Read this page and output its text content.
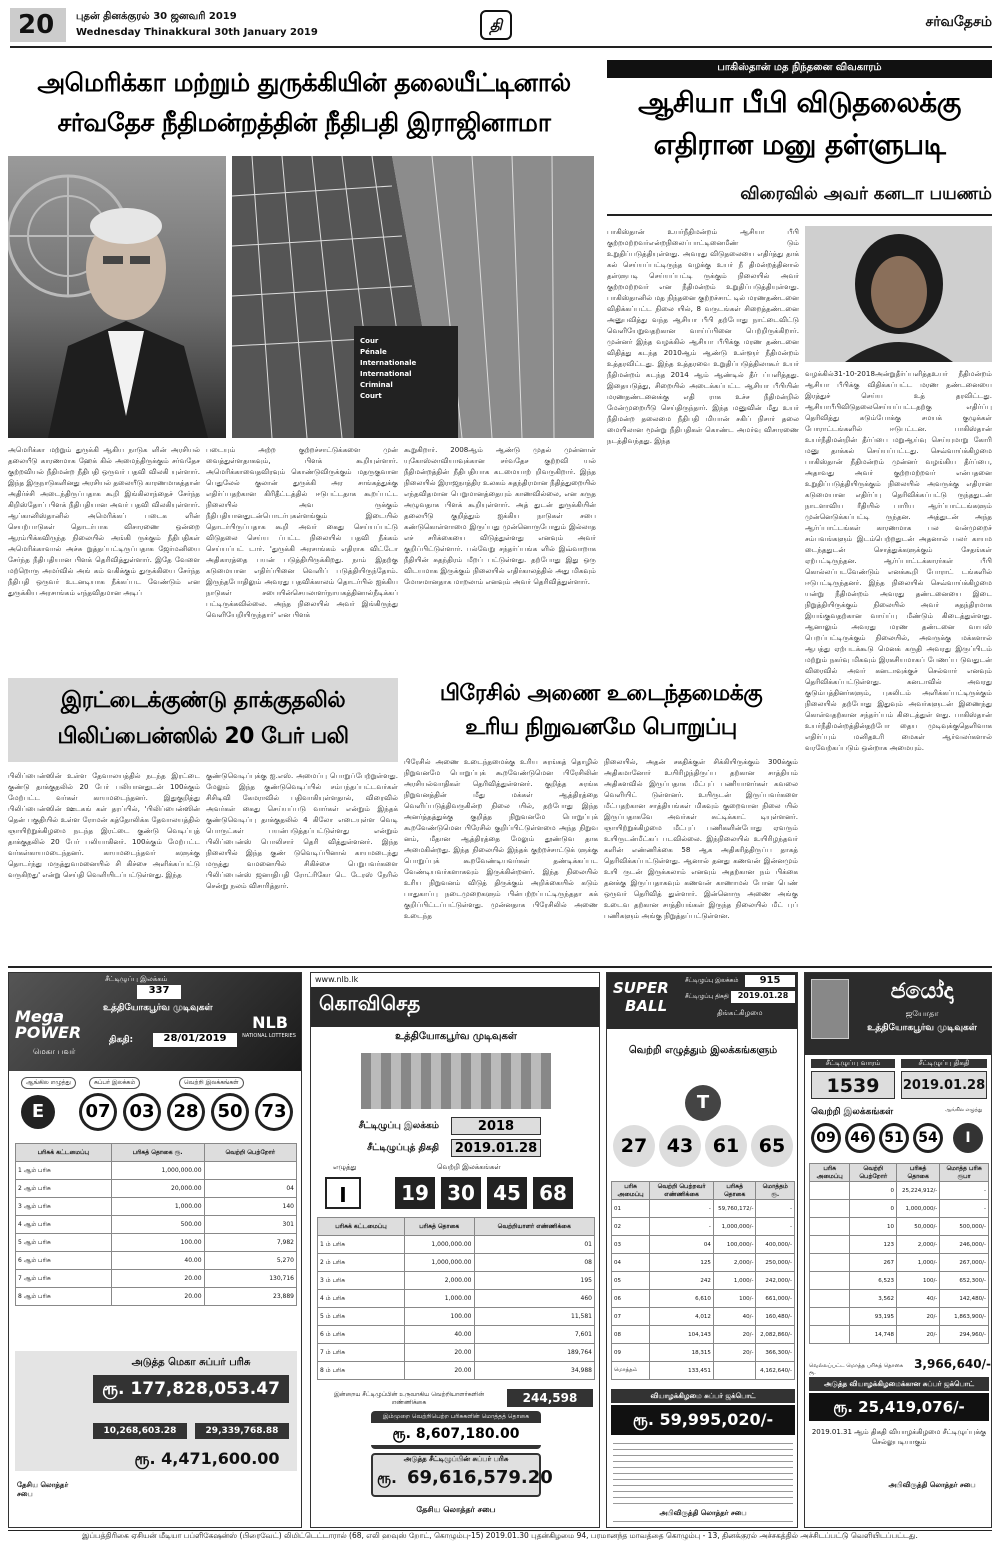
20 புதன் தினக்குரல் 30 ஜனவரி 2019
Wednesday Thinakkural 30th January 2019	தி	சர்வதேசம்
அமெரிக்கா மற்றும் துருக்கியின் தலையீட்டினால்
சர்வதேச நீதிமன்றத்தின் நீதிபதி இராஜினாமா
Cour
Pénale
Internationale
International
Criminal
Court
அமெரிக்கா மற்றும் துருக்கி ஆகிய நாடுக ளின் அரசியல் தலையீடு காரணமாக ஹேக் கில் அமைந்திருக்கும் சர்வதேச குற்றவியல் நீதிமன்ற நீதிபதி ஒருவர் பதவி விலகி யுள்ளார். இந்த இருநாடுகளினது அரசியல் தலையீடு காரணமாகத்தான் அதிர்ச்சி அடைந்திருப்பதாக கூறி இங்கிலாந்தைச் சேர்ந்த கிறிஸ்தோப் பிளக் நீதிபதியான அவர் பதவி விலகியுள்ளார். ஆப்கானிஸ்தானில் அமெரிக்கப் படைக ளின் செயற்பாடுகள் தொடர்பாக விசாரணை ஒன்றை ஆரம்பிக்கவிருந்த நிலையில் அங்கி ருக்கும் நீதிபதிகள் அமெரிக்காவால் அச்சு றுத்தப்பட்டிருப்பதாக ஜேர்மனியை சேர்ந்த நீதிபதியான பிளக் தெரிவித்துள்ளார். இதே வேளை மற்றொரு அமர்வில் அங் கம் வகிக்கும் துருக்கியை சேர்ந்த நீதிபதி ஒருவர் உடனடியாக நீக்கப்பட வேண்டும் என துருக்கிய அரசாங்கம் எந்தவிதமான அடிப்
படையும் அற்ற குற்றச்சாட்டுக்களை முன் வைத்துள்ளதாகவும், பிளக் கூறியுள்ளார். அமெரிக்காவைதவிரவும் கொண்டுவிருக்கும் மதருகுவான பெதுலேல் குலான் துருக்கி அர சாங்கத்துக்கு எதிர்ப்பதற்கான கிரிதீட்டத்தில் ஈடுபட்டதாக கூறப்பட்ட நிலையில் அவ ருக்கும் நீதிபதியானதுடன்பொடர்புகள்ளங்கும் இடையில் தொடர்பிருப்பதாக கூறி அவர் கைது செய்யப்பட்டு விடுதலை செய்ய ப்பட்ட நிலையில் பதவி நீக்கம் செய்யப்பட் டார். 'துருக்கி அரசாங்கம் எதிராக விட்டோ அதிகாரத்தை பயன் படுத்தியிருக்கிறது. நாம் இதற்கு கடுமையான எதிர்ப்பினை வெளிப் படுத்தியிருந்தோம். இருந்தபோதிலும் அவரது பதவிக்காலம் தொடர்பில் ஐக்கிய நாடுகள் சபையின்செயலாளர்நாயகத்தினால்நீடிக்கப் பட்டிருக்கவில்லை. அந்த நிலையில் அவர் இங்கிருந்து வெளியேறியிருந்தார்' என பிளக்
கூறுகிறார். 2008ஆம் ஆண்டு முதல் முன்னாள் யுகோஸ்லாவியாவுக்கான சர்வதேச குற்றவி யல் நீதிமன்றத்தின் நீதிபதியாக கடமையாற் றிவருகிறார். இந்த நிலையில் இராஜநாத்திர உலகம் சுதந்திரமான நீதித்துறையில் எந்தவிதமான பெறுமானத்தையும் காணவில்லை, என கருத அழுவதாக பிளக் கூறியுள்ளார். அத் துடன் துருக்கியின் தலையீடு குறித்தும் ஐக்கிய நாடுகள் சபை கண்டுகொள்ளாமை இருப்பது முன்னொருபோதும் இல்லாத எச் சரிக்கையை விடுத்துள்ளது எனவும் அவர் குறிப்பிட்டுள்ளார். பல்வேறு சந்தர்ப்பங்க ளில் இவ்வாறாக நீதியின் சுதந்திரம் மீறப் பட்டுள்ளது. தற்போது இது ஒரு விடயமாக இருக்கும் நிலையில் எதிர்காலத்தில் அது மிகவும் மோசமானதாக மாறலாம் எனவும் அவர் தெரிவித்துள்ளார்.
பாகிஸ்தான் மத நிந்தனை விவகாரம்
ஆசியா பீபி விடுதலைக்கு
எதிரான மனு தள்ளுபடி
விரைவில் அவர் கனடா பயணம்
பாகிஸ்தான் உயர்நீதிமன்றம் ஆசியா பீபி குற்றமற்றவர்என்றநிலைப்பாட்டினைமீண் டும் உறுதிப்படுத்தியுள்ளது. அவரது விடுதலையை எதிர்த்து தாக் கல் செய்யப்பட்டிருந்த வழக்கு உயர் நீ திமன்றத்தினால் தள்ளுபடி செய்யப்பட்டி ருக்கும் நிலையில் அவர் குற்றமற்றவர் என நீதிமன்றம் உறுதிப்படுத்தியுள்ளது. பாகிஸ்தானில் மத நிந்தனை குற்றச்சாட் டில் மரணதண்டனை விதிக்கப்பட்ட நிலை யில், 8 வருடங்கள் சிறைத்தண்டனை அனுபவித்து வந்த ஆசியா பீபி தற்போது நாட்டைவிட்டு வெளியேறுவதற்கான வாய்ப்பினை பெற்றிருக்கிறார். முன்னர் இந்த வழக்கில் ஆசியா பீபிக்கு மரண தண்டனை விதித்து கடந்த 2010ஆம் ஆண்டு உள்ளூர் நீதிமன்றம் உத்தரவிட்டது. இந்த உத்தரவை உறுதிப்படுத்திலாகூர் உயர் நீதிமன்றம் கடந்த 2014 ஆம் ஆண்டில் தீர் ப்பளித்தது. இதையடுத்து, சிறையில் அடைக்கப்பட்ட ஆசியா பீபியின் மரணதண்டனைக்கு எதி ராக உச்ச நீதிமன்றில் மேன்முறையீடு செய்திருந்தார். இந்த மனுவின் மீது உயர் நீதிமன்ற தலைமை நீதிபதி மியான் சகிப் நிசார் தலை மையிலான மூன்று நீதிபதிகள் கொண்ட அமர்வு விசாரணை நடத்திவந்தது. இந்த
வழக்கில்31-10-2018அன்றுதீர்ப்பளித்தஉயர் நீதிமன்றம் ஆசியா பீபிக்கு விதிக்கப்பட்ட மரண தண்டனையை இரத்துச் செய்ய உத் தரவிட்டது. ஆசியாபீபிவிடுதலைசெய்யப்பட்டதற்கு எதிர்ப்பு தெரிவித்து கடும்போக்கு சமயக் குழுக்கள் போராட்டங்களில் ஈடுபட்டன. பாகிஸ்தான் உயர்நீதிமன்றின் தீர்ப்பை மறுஆய்வு செய்யுமாறு கோரி மனு தாக்கல் செய்யப்பட்டது. செவ்வாய்க்கிழமை பாகிஸ்தான் நீதிமன்றம் முன்னர் வழங்கிய தீர்ப்பை, அதாவது அவர் குற்றமற்றவர் என்பதனை உறுதிப்படுத்தியிருக்கும் நிலையில் அவருக்கு எதிரான கடுமையான எதிர்ப்பு தெரிவிக்கப்பட்டு ருந்ததுடன் நாடளாவிய ரீதியில் பாரிய ஆர்ப்பாட்டங்களும் முன்னெடுக்கப்பட்டி ருந்தன. அத்துடன் அந்த ஆர்ப்பாட்டங்கள் காரணமாக பல வன்முறைச் சம்பவங்களும் இடம்பெற்றதுடன் அதனால் பலர் காயம டைந்ததுடன் சொத்துக்களுக்கும் சேதங்கள் ஏற்பட்டிருந்தன. ஆர்ப்பாட்டக்காரர்கள் பீபி கொல்லப்படவேண்டும் எனக்கூறி போராட் டங்களில் ஈடுபட்டிருந்தனர். இந்த நிலையில் செவ்வாய்க்கிழமை யன்று நீதிமன்றம் அவரது தண்டனையை இடை நிறுத்தியிருக்கும் நிலையில் அவர் சுதந்திரமாக இயங்குவதற்கான வாய்ப்பு மீண்டும் கிடைத்துள்ளது. ஆனாலும் அவரது மரண தண்டனை வாபஸ் பெறப்பட்டிருக்கும் நிலையில், அவருக்கு மக்களால் ஆபத்து ஏற்படக்கூடு மெனக் கருதி அவரது இருப்பிடம் மற்றும் நகர்வு மிகவும் இரகசியமாகப் பேணப்ப டுவதுடன் விரைவில் அவர் கனடாவுக்குச் செல்வார் எனவும் தெரிவிக்கப்பட்டுள்ளது. கனடாவில் அவரது குடும்பத்தினர்களும், புகலிடம் அளிக்கப்பட்டிருக்கும் நிலையில் தற்போது இதுவும் அவர்களுடன் இணைந்து கொள்வதற்கான சந்தர்ப்பம் கிடைத்துள் ளது. பாகிஸ்தான் உயர்நீதிமன்றத்தின்தற்போ தைய முடிவுக்குதெளிவாக எதிர்ப்பும் மனிதஉரி மைகள் ஆர்வலர்களால் வரவேற்கப்படும் ஒன்றாக அமையும்.
இரட்டைக்குண்டு தாக்குதலில்
பிலிப்பைன்ஸில் 20 பேர் பலி
பிலிப்பைன்ஸின் உள்ள தேவாலயத்தில் நடந்த இரட்டை குண்டு தாக்குதலில் 20 பேர் பலியானதுடன் 100க்கும் மேற்பட்ட வர்கள் காயமடைந்தனர். இதுகுறித்து பிலிப்பைன்ஸின் ஊடகங் கள் தரப்பில், 'பிலிப்பைன்ஸின் தென் பகுதியில் உள்ள ரோமன் கத்தோலிக்க தேவாலயத்தில் ஞாயிற்றுக்கிழமை நடந்த இரட்டை குண்டு வெடிப்புத் தாக்குதலில் 20 பேர் பலியாகினர். 100க்கும் மேற்பட்ட வர்கள்காயமடைந்தனர். காயமடைந்தவர் களுக்கு தொடர்ந்து மருத்துவமனையில் சி கிச்சை அளிக்கப்பட்டு வருகிறது' என்று செய்தி வெளியிடப்பட்டுள்ளது. இந்த
குண்டுவெடிப்புக்கு ஐ.எஸ். அமைப்பு பொறுப்பேற்றுள்ளது. மேலும் இந்த குண்டுவெடிப்பில் சம்பந்தப்பட்டவர்கள் சிசிடிவி கேமராவில் பதிவாகியுள்ளதால், விரைவில் அவர்கள் கைது செய்யப்படு வார்கள் என்றும் இந்தக் குண்டுவெடிப்பு தாக்குதலில் 4 கிலோ எடையுள்ள வெடி பொருட்கள் பயன்படுத்தப்பட்டுள்ளது என்றும் பிலிப்பைன்ஸ் பொலிசார் தெரி வித்துள்ளனர். இந்த நிலையில் இந்த குண் டுவெடிப்பினால் காயமடைந்து மருத்து வமனையில் சிகிச்சை பெறுபவர்களை பிலிப்பைன்ஸ் ஜனாதிபதி ரோட்ரிகோ டெ டேரஸ் நேரில் சென்று நலம் விசாரித்தார்.
பிரேசில் அணை உடைந்தமைக்கு
உரிய நிறுவனமே பொறுப்பு
பிரேசில் அணை உடைந்தமைக்கு உரிய சுரங்கத் தொழில் நிறுவனமே பொறுப்புக் கூறவேண்டுமென பிரேசிலின் அரசியல்வாதிகள் தெரிவித்துள்ளனர். குறித்த சுரங்க நிறுவனத்தின் மீது மக்கள் ஆத்திரத்தை வெளிப்படுத்திவருகின்ற நிலை யில், தற்போது இந்த அனர்த்தத்துக்கு குறித்த நிறுவனமே பொறுப்புக் கூறவேண்டுமென பிரேசில் குறிப்பிட்டுள்ளமை அந்த நிறுவ னம், மீதான ஆத்திரத்தை மேலும் தூண்டுவ தாக அமைகின்றது. இந்த நிலையில் இந்தக் குற்றச்சாட்டுக் ளுக்கு பொறுப்புக் கூறவேண்டியவர்கள் தண்டிக்கப்பட வேண்டியவர்களாகவும் இருக்கின்றனர். இந்த நிலையில் உரிய நிறுவனம் விடுத் திருக்கும் அறிக்கையில் கடும் பாதுகாப்பு நடைமுறைகளும் பின்பற்றப்பட்டிருந்ததா கக் குறிப்பிட்டப்பட்டுள்ளது. முன்னதாக பிரேசிலில் அணை உடைந்த
நிலையில், அதன் சகதிக்குள் சிக்கியிருக்கும் 300க்கும் அதிகமானோர் உயிரிழந்திருப்ப தற்கான சாத்தியம் அதிகளவில் இருப்பதாக மீட்புப் பணியாளர்கள் கவலை வெளியிட் டுள்ளனர். உயிருடன் இருப்பவர்களை மீட்பதற்கான சாத்தியங்கள் மிகவும் குறைவான நிலை யில் இருப்பதாகவே அவர்கள் சுட்டிக்காட் டியுள்ளனர். ஞாயிற்றுக்கிழமை மீட்புப் பணிகளின்போது ஏவரும் உயிருடன்மீட்கப் படவில்லை. இந்நிலையில் உயிரிழந்தவர் களின் எண்ணிக்கை 58 ஆக அதிகரித்திருப்ப தாகத் தெரிவிக்கப்பட்டுள்ளது. ஆனால் தனது கணவன் இன்னமும் உயி ருடன் இருக்கலாம் எனவும் அதற்கான நம் பிக்கை தனக்கு இருப்பதாகவும் கணவன் காணாமல் போன பெண் ஒருவர் தெரிவித் துள்ளார். இன்னொரு அணை அங்கு உடைவ தற்கான சாத்தியங்கள் இருந்த நிலையில் மீட் புப் பணிகளும் அங்கு நிறுத்தப்பட்டுள்ளன.
சீட்டிழுப்பு இலக்கம்
337
உத்தியோகபூர்வ முடிவுகள்
Mega POWER
மெகா பவர்
திகதி:	28/01/2019
NLB
NATIONAL LOTTERIES
ஆங்கில எழுத்து	சுப்பர் இலக்கம்	வெற்றி இலக்கங்கள்
E	07	03	28	50	73
பரிசுக் கட்டமைப்பு	பரிசுத் தொகை ரூ.	வெற்றி பெற்றோர்
1 ஆம் பரிசு	1,000,000.00	
2 ஆம் பரிசு	20,000.00	04
3 ஆம் பரிசு	1,000.00	140
4 ஆம் பரிசு	500.00	301
5 ஆம் பரிசு	100.00	7,982
6 ஆம் பரிசு	40.00	5,270
7 ஆம் பரிசு	20.00	130,716
8 ஆம் பரிசு	20.00	23,889
அடுத்த மெகா சுப்பர் பரிசு
ரூ. 177,828,053.47
10,268,603.28	29,339,768.88
ரூ. 4,471,600.00
தேசிய லொத்தர் சபை
www.nlb.lk
கொவிசெத
உத்தியோகபூர்வ முடிவுகள்
சீட்டிழுப்பு இலக்கம்	2018
சீட்டிழுப்புத் திகதி 2019.01.28
எழுத்து	வெற்றி இலக்கங்கள்
I	19 30 45 68
பரிசுக் கட்டமைப்பு	பரிசுத் தொகை	வெற்றியாளர் எண்ணிக்கை
1 ம் பரிசு	1,000,000.00	01
2 ம் பரிசு	1,000,000.00	08
3 ம் பரிசு	2,000.00	195
4 ம் பரிசு	1,000.00	460
5 ம் பரிசு	100.00	11,581
6 ம் பரிசு	40.00	7,601
7 ம் பரிசு	20.00	189,764
8 ம் பரிசு	20.00	34,988
இன்றைய சீட்டிழுப்பின் உருவாகிய வெற்றியாளர்களின் எண்ணிக்கை	244,598
இம்முறை வெற்றிபெற்ற பரிசுகளின் மொத்தத் தொகை
ரூ. 8,607,180.00
அடுத்த சீட்டிழுப்பின் சுப்பர் பரிசு
ரூ. 69,616,579.20
தேசிய லொத்தர் சபை
SUPER
BALL
சீட்டிழுப்பு இலக்கம்	915
சீட்டிழுப்பு திகதி	2019.01.28
திங்கட்கிழமை
வெற்றி எழுத்தும் இலக்கங்களும்
T
27	43	61	65
பரிசு அமைப்பு	வெற்றி பெற்றவர் எண்ணிக்கை	பரிசுத் தொகை	மொத்தம் ரூ.
01	-	59,760,172/-	-
02	-	1,000,000/-	-
03	04	100,000/-	400,000/-
04	125	2,000/-	250,000/-
05	242	1,000/-	242,000/-
06	6,610	100/-	661,000/-
07	4,012	40/-	160,480/-
08	104,143	20/-	2,082,860/-
09	18,315	20/-	366,300/-
மொத்தம்	133,451		4,162,640/-
வியாழக்கிழமை சுப்பர் ஜக்பொட்
ரூ. 59,995,020/-
அபிவிருத்தி லொத்தர் சபை
ජයෝදා
ஜயோதா
உத்தியோகபூர்வ முடிவுகள்
சீட்டிழுப்பு வாரம்
1539
சீட்டிழுப்பு திகதி
2019.01.28
வெற்றி இலக்கங்கள்	ஆங்கில எழுத்து
09	46	51	54	I
பரிசு அமைப்பு	வெற்றி பெற்றோர்	பரிசுத் தொகை	மொத்த பரிசு ரூபா
	0	25,224,912/-	-
	0	1,000,000/-	-
	10	50,000/-	500,000/-
	123	2,000/-	246,000/-
	267	1,000/-	267,000/-
	6,523	100/-	652,300/-
	3,562	40/-	142,480/-
	93,195	20/-	1,863,900/-
	14,748	20/-	294,960/-
வெல்லப்பட்ட மொத்த பரிசுத் தொகை ரூ.
3,966,640/-
அடுத்த வியாழக்கிழமைக்கான சுப்பர் ஜக்பொட்
ரூ. 25,419,076/-
2019.01.31 ஆம் திகதி வியாழக்கிழமை சீட்டிழுப்புக்கு செல்லுபடியாகும்
அபிவிருத்தி லொத்தர் சபை
இப்பத்திரிகை ஏசியன் மீடியா பப்ளிகேஷன்ஸ் (பிரைவேட்) லிமிட்டெட்டாரால் (68, எலி ஹவுஸ் றோட், கொழும்பு-15) 2019.01.30 புதன்கிழமை 94, பரமானந்த மாவத்தை கொழும்பு - 13, தினக்குரல் அச்சகத்தில் அச்சிடப்பட்டு வெளியிடப்பட்டது.
